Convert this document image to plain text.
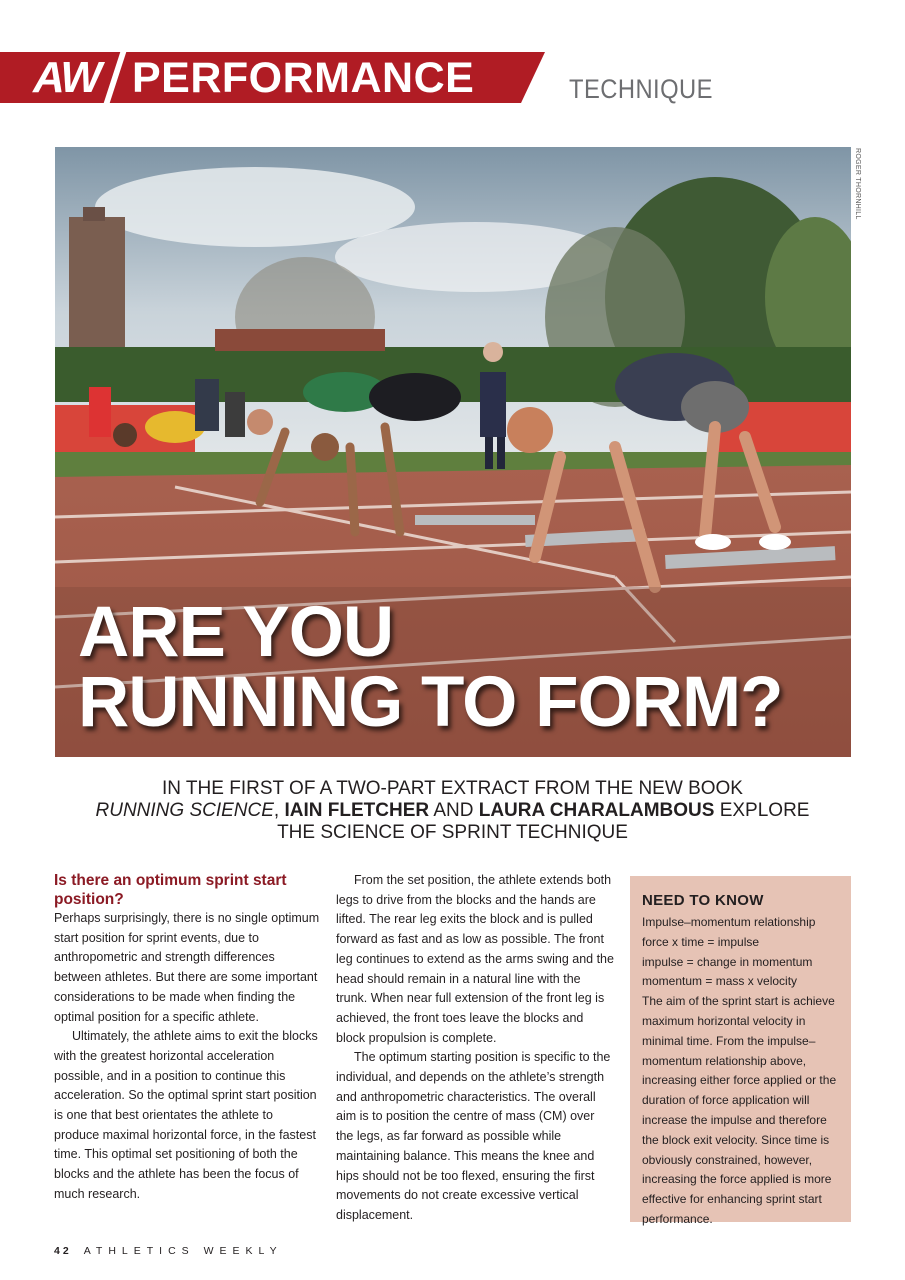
AW PERFORMANCE	TECHNIQUE
ROGER THORNHILL
ARE YOU
RUNNING TO FORM?
IN THE FIRST OF A TWO-PART EXTRACT FROM THE NEW BOOK
RUNNING SCIENCE, IAIN FLETCHER AND LAURA CHARALAMBOUS EXPLORE
THE SCIENCE OF SPRINT TECHNIQUE
Is there an optimum sprint start position?

Perhaps surprisingly, there is no single optimum start position for sprint events, due to anthropometric and strength differences between athletes. But there are some important considerations to be made when finding the optimal position for a specific athlete.

Ultimately, the athlete aims to exit the blocks with the greatest horizontal acceleration possible, and in a position to continue this acceleration. So the optimal sprint start position is one that best orientates the athlete to produce maximal horizontal force, in the fastest time. This optimal set positioning of both the blocks and the athlete has been the focus of much research.

From the set position, the athlete extends both legs to drive from the blocks and the hands are lifted. The rear leg exits the block and is pulled forward as fast and as low as possible. The front leg continues to extend as the arms swing and the head should remain in a natural line with the trunk. When near full extension of the front leg is achieved, the front toes leave the blocks and block propulsion is complete.

The optimum starting position is specific to the individual, and depends on the athlete’s strength and anthropometric characteristics. The overall aim is to position the centre of mass (CM) over the legs, as far forward as possible while maintaining balance. This means the knee and hips should not be too flexed, ensuring the first movements do not create excessive vertical displacement.

NEED TO KNOW
Impulse–momentum relationship
force x time = impulse
impulse = change in momentum
momentum = mass x velocity
The aim of the sprint start is achieve maximum horizontal velocity in minimal time. From the impulse–momentum relationship above, increasing either force applied or the duration of force application will increase the impulse and therefore the block exit velocity. Since time is obviously constrained, however, increasing the force applied is more effective for enhancing sprint start performance.
42 ATHLETICS WEEKLY
